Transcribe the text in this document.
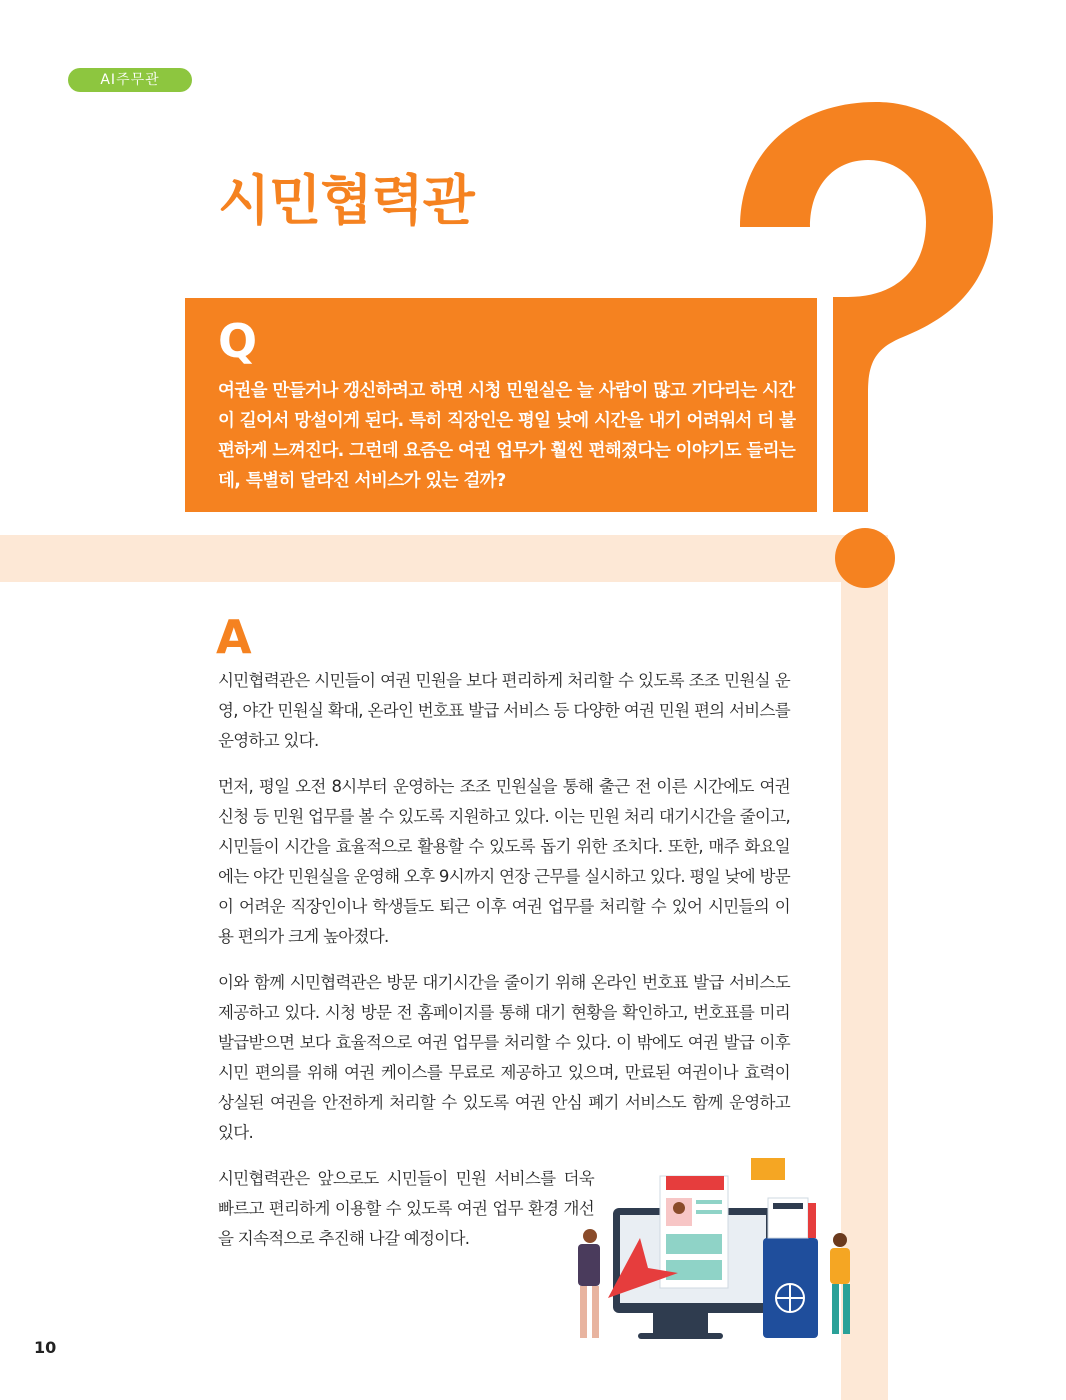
AI주무관
시민협력관
Q

여권을 만들거나 갱신하려고 하면 시청 민원실은 늘 사람이 많고 기다리는 시간이 길어서 망설이게 된다. 특히 직장인은 평일 낮에 시간을 내기 어려워서 더 불편하게 느껴진다. 그런데 요즘은 여권 업무가 훨씬 편해졌다는 이야기도 들리는데, 특별히 달라진 서비스가 있는 걸까?

A

시민협력관은 시민들이 여권 민원을 보다 편리하게 처리할 수 있도록 조조 민원실 운영, 야간 민원실 확대, 온라인 번호표 발급 서비스 등 다양한 여권 민원 편의 서비스를 운영하고 있다.

먼저, 평일 오전 8시부터 운영하는 조조 민원실을 통해 출근 전 이른 시간에도 여권 신청 등 민원 업무를 볼 수 있도록 지원하고 있다. 이는 민원 처리 대기시간을 줄이고, 시민들이 시간을 효율적으로 활용할 수 있도록 돕기 위한 조치다. 또한, 매주 화요일에는 야간 민원실을 운영해 오후 9시까지 연장 근무를 실시하고 있다. 평일 낮에 방문이 어려운 직장인이나 학생들도 퇴근 이후 여권 업무를 처리할 수 있어 시민들의 이용 편의가 크게 높아졌다.

이와 함께 시민협력관은 방문 대기시간을 줄이기 위해 온라인 번호표 발급 서비스도 제공하고 있다. 시청 방문 전 홈페이지를 통해 대기 현황을 확인하고, 번호표를 미리 발급받으면 보다 효율적으로 여권 업무를 처리할 수 있다. 이 밖에도 여권 발급 이후 시민 편의를 위해 여권 케이스를 무료로 제공하고 있으며, 만료된 여권이나 효력이 상실된 여권을 안전하게 처리할 수 있도록 여권 안심 폐기 서비스도 함께 운영하고 있다.

시민협력관은 앞으로도 시민들이 민원 서비스를 더욱 빠르고 편리하게 이용할 수 있도록 여권 업무 환경 개선을 지속적으로 추진해 나갈 예정이다.

10
